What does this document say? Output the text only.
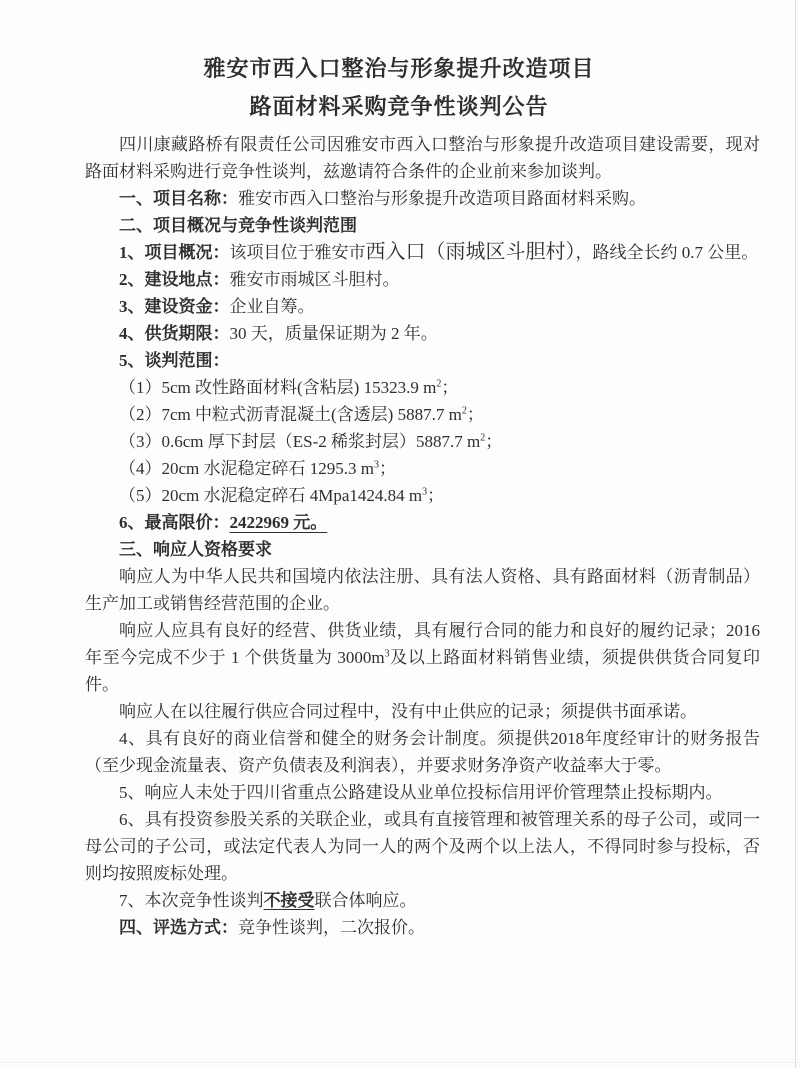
雅安市西入口整治与形象提升改造项目
路面材料采购竞争性谈判公告

四川康藏路桥有限责任公司因雅安市西入口整治与形象提升改造项目建设需要，现对路面材料采购进行竞争性谈判，兹邀请符合条件的企业前来参加谈判。

一、项目名称：雅安市西入口整治与形象提升改造项目路面材料采购。

二、项目概况与竞争性谈判范围

1、项目概况：该项目位于雅安市西入口（雨城区斗胆村），路线全长约 0.7 公里。

2、建设地点：雅安市雨城区斗胆村。

3、建设资金：企业自筹。

4、供货期限：30 天，质量保证期为 2 年。

5、谈判范围：

（1）5cm 改性路面材料(含粘层) 15323.9 $m^2$；

（2）7cm 中粒式沥青混凝土(含透层) 5887.7 $m^2$；

（3）0.6cm 厚下封层（ES-2 稀浆封层）5887.7 $m^2$；

（4）20cm 水泥稳定碎石 1295.3 $m^3$；

（5）20cm 水泥稳定碎石 4Mpa1424.84 $m^3$；

6、最高限价：2422969 元。

三、响应人资格要求

响应人为中华人民共和国境内依法注册、具有法人资格、具有路面材料（沥青制品）生产加工或销售经营范围的企业。

响应人应具有良好的经营、供货业绩，具有履行合同的能力和良好的履约记录；2016年至今完成不少于 1 个供货量为 $3000m^3$及以上路面材料销售业绩，须提供供货合同复印件。

响应人在以往履行供应合同过程中，没有中止供应的记录；须提供书面承诺。

4、具有良好的商业信誉和健全的财务会计制度。须提供2018年度经审计的财务报告（至少现金流量表、资产负债表及利润表），并要求财务净资产收益率大于零。

5、响应人未处于四川省重点公路建设从业单位投标信用评价管理禁止投标期内。

6、具有投资参股关系的关联企业，或具有直接管理和被管理关系的母子公司，或同一母公司的子公司，或法定代表人为同一人的两个及两个以上法人，不得同时参与投标，否则均按照废标处理。

7、本次竞争性谈判不接受联合体响应。

四、评选方式：竞争性谈判，二次报价。
